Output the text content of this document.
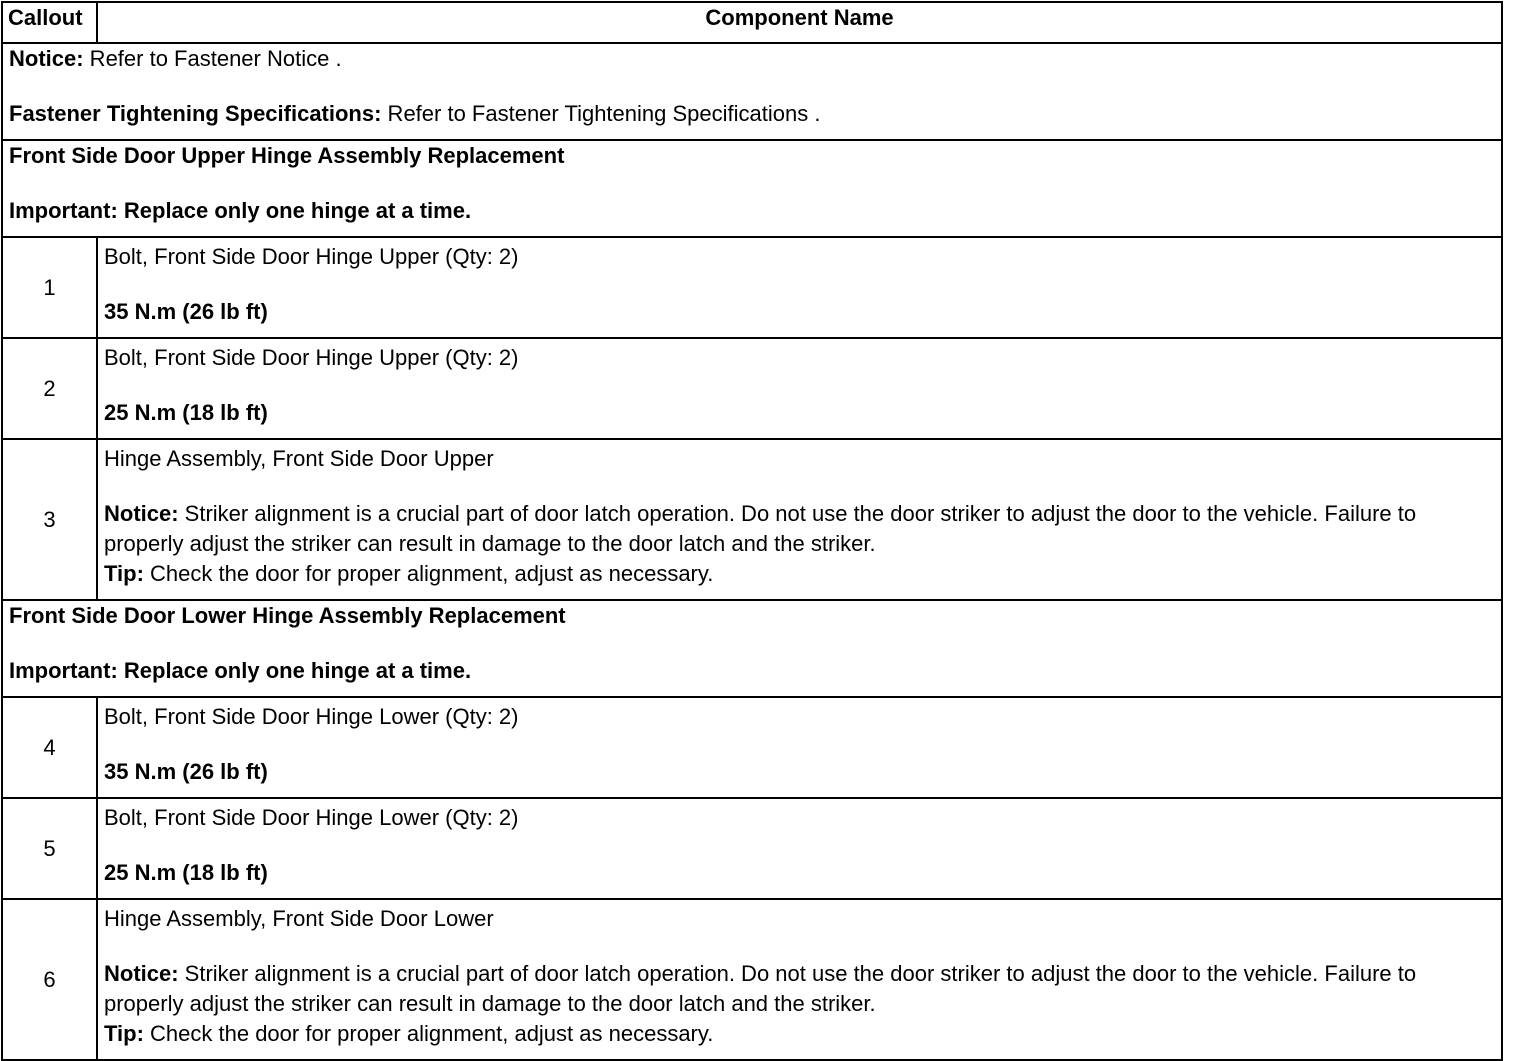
Callout	Component Name

Notice: Refer to Fastener Notice .
Fastener Tightening Specifications: Refer to Fastener Tightening Specifications .	

Front Side Door Upper Hinge Assembly Replacement
Important: Replace only one hinge at a time.	

1	Bolt, Front Side Door Hinge Upper (Qty: 2)
35 N.m (26 lb ft)

2	Bolt, Front Side Door Hinge Upper (Qty: 2)
25 N.m (18 lb ft)

3	Hinge Assembly, Front Side Door Upper
Notice: Striker alignment is a crucial part of door latch operation. Do not use the door striker to adjust the door to the vehicle. Failure to properly adjust the striker can result in damage to the door latch and the striker.
Tip: Check the door for proper alignment, adjust as necessary.

Front Side Door Lower Hinge Assembly Replacement
Important: Replace only one hinge at a time.	

4	Bolt, Front Side Door Hinge Lower (Qty: 2)
35 N.m (26 lb ft)

5	Bolt, Front Side Door Hinge Lower (Qty: 2)
25 N.m (18 lb ft)

6	Hinge Assembly, Front Side Door Lower
Notice: Striker alignment is a crucial part of door latch operation. Do not use the door striker to adjust the door to the vehicle. Failure to properly adjust the striker can result in damage to the door latch and the striker.
Tip: Check the door for proper alignment, adjust as necessary.
